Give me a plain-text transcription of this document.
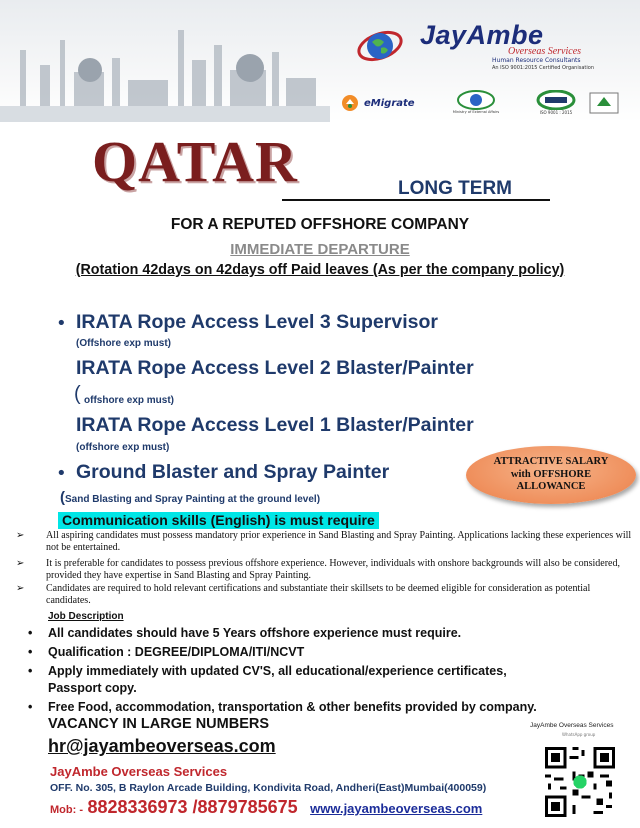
JayAmbe
Overseas Services
Human Resource Consultants
An ISO 9001:2015 Certified Organisation
eMigrate
Ministry of External Affairs	ISO 9001 : 2015
QATAR	LONG TERM
FOR A REPUTED OFFSHORE COMPANY
IMMEDIATE DEPARTURE
(Rotation 42days on 42days off Paid leaves (As per the company policy)
• IRATA Rope Access Level 3 Supervisor
(Offshore exp must)
IRATA Rope Access Level 2 Blaster/Painter
( offshore exp must)
IRATA Rope Access Level 1 Blaster/Painter
(offshore exp must)
• Ground Blaster and Spray Painter
(Sand Blasting and Spray Painting at the ground level)
ATTRACTIVE SALARY
with OFFSHORE
ALLOWANCE
Communication skills (English) is must require
➢	All aspiring candidates must possess mandatory prior experience in Sand Blasting and Spray Painting. Applications lacking these experiences will not be entertained.
➢	It is preferable for candidates to possess previous offshore experience. However, individuals with onshore backgrounds will also be considered, provided they have expertise in Sand Blasting and Spray Painting.
➢	Candidates are required to hold relevant certifications and substantiate their skillsets to be deemed eligible for consideration as potential candidates.
Job Description
•	All candidates should have 5 Years offshore experience must require.
•	Qualification : DEGREE/DIPLOMA/ITI/NCVT
•	Apply immediately with updated CV'S, all educational/experience certificates,
Passport copy.
•	Free Food, accommodation, transportation & other benefits provided by company.
VACANCY IN LARGE NUMBERS
hr@jayambeoverseas.com
JayAmbe Overseas Services
OFF. No. 305, B Raylon Arcade Building, Kondivita Road, Andheri(East)Mumbai(400059)
Mob: - 8828336973 /8879785675 www.jayambeoverseas.com
JayAmbe Overseas Services
WhatsApp group
